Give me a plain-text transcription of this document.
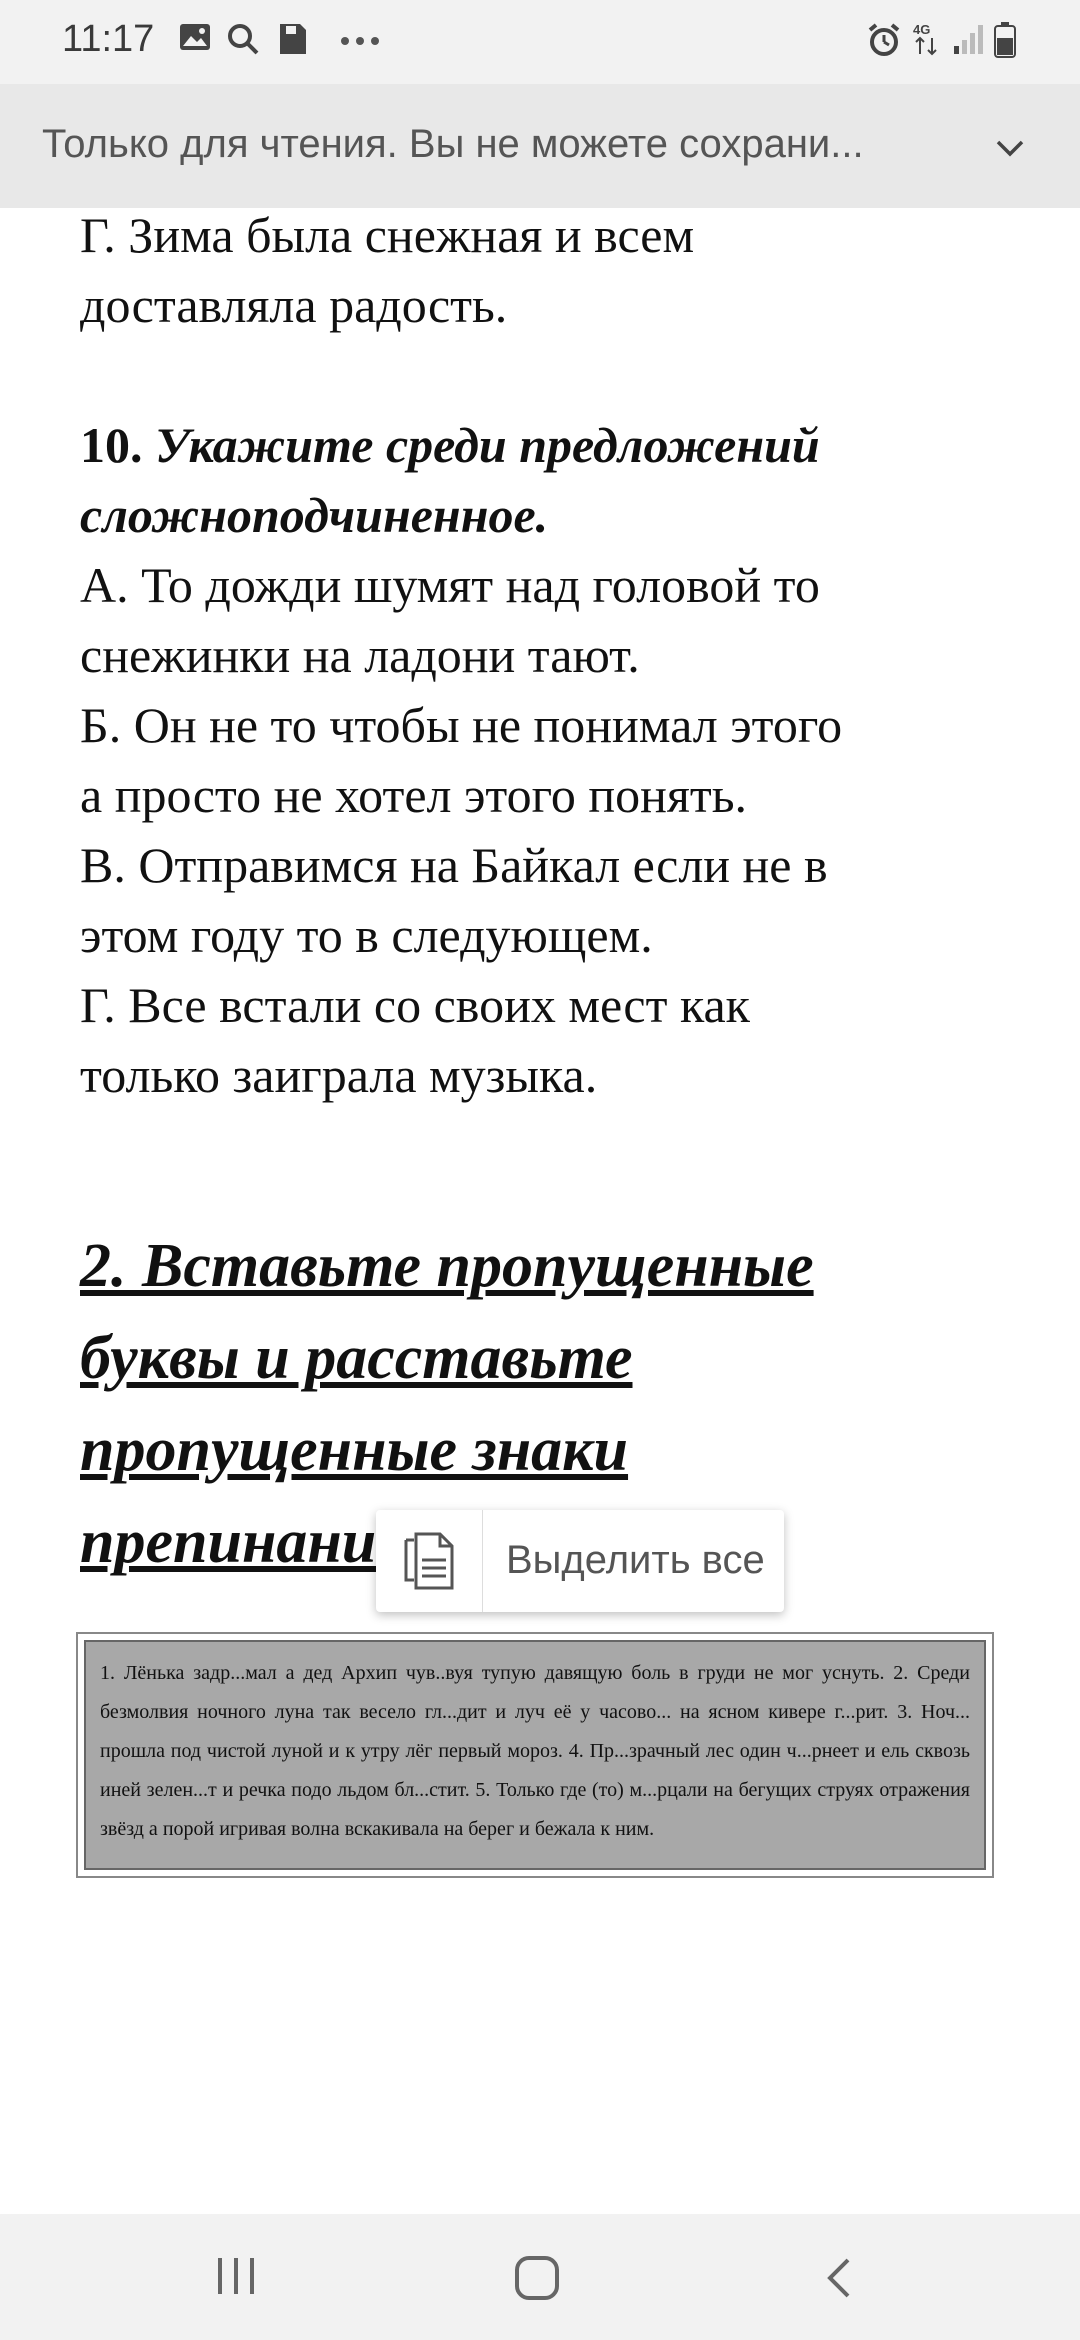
11:17	4G
Только для чтения. Вы не можете сохрани...

Г. Зима была снежная и всем

доставляла радость.

10. Укажите среди предложений

сложноподчиненное.

А. То дожди шумят над головой то

снежинки на ладони тают.

Б. Он не то чтобы не понимал этого

а просто не хотел этого понять.

В. Отправимся на Байкал если не в

этом году то в следующем.

Г. Все встали со своих мест как

только заиграла музыка.

2. Вставьте пропущенные
буквы и расставьте
пропущенные знаки
препинани	Выделить все
1. Лёнька задр...мал а дед Архип чув..вуя тупую давящую боль в груди не мог уснуть. 2. Среди безмолвия ночного луна так весело гл...дит и луч её у часово... на ясном кивере г...рит. 3. Ноч... прошла под чистой луной и к утру лёг первый мороз. 4. Пр...зрачный лес один ч...рнеет и ель сквозь иней зелен...т и речка подо льдом бл...стит. 5. Только где (то) м...рцали на бегущих струях отражения звёзд а порой игривая волна вскакивала на берег и бежала к ним.
